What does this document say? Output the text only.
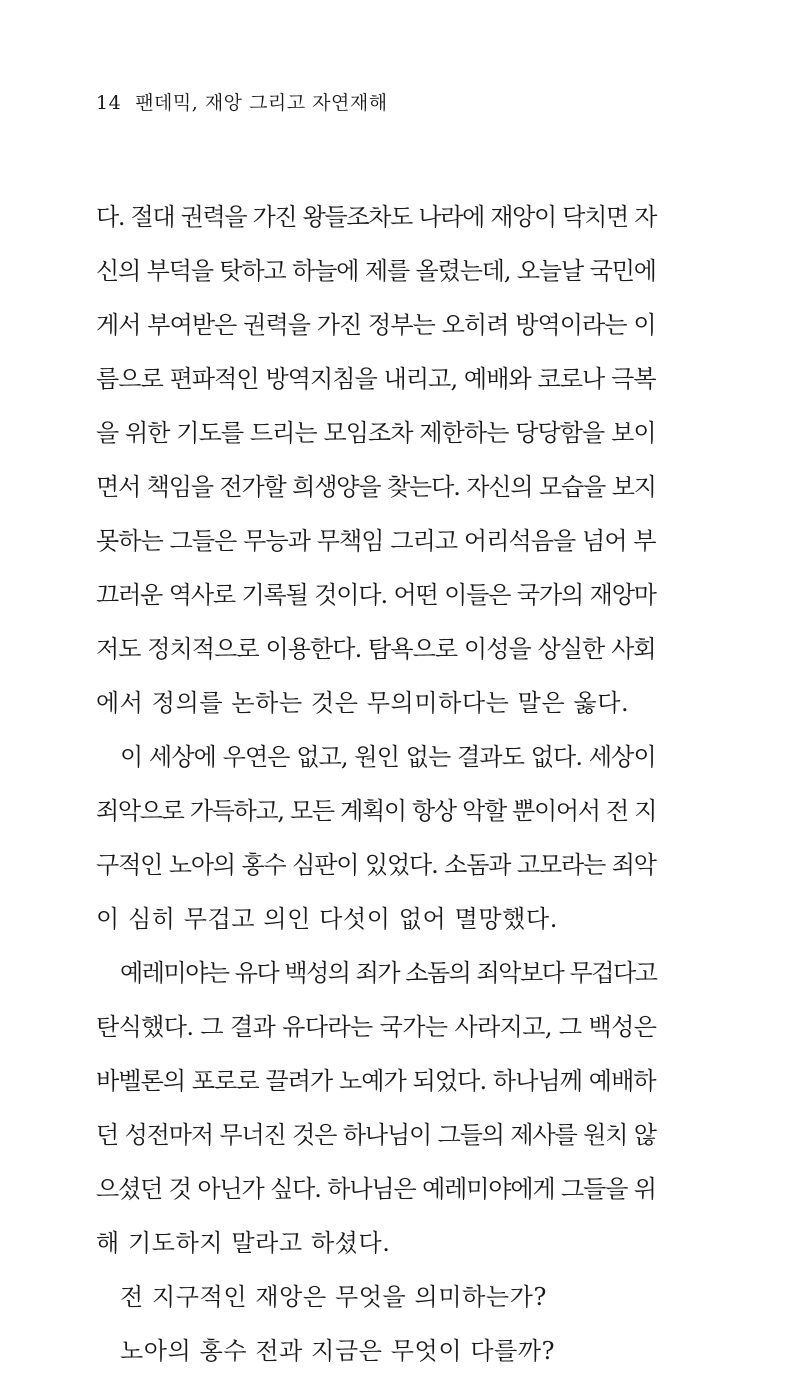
14 팬데믹, 재앙 그리고 자연재해
다. 절대 권력을 가진 왕들조차도 나라에 재앙이 닥치면 자
신의 부덕을 탓하고 하늘에 제를 올렸는데, 오늘날 국민에
게서 부여받은 권력을 가진 정부는 오히려 방역이라는 이
름으로 편파적인 방역지침을 내리고, 예배와 코로나 극복
을 위한 기도를 드리는 모임조차 제한하는 당당함을 보이
면서 책임을 전가할 희생양을 찾는다. 자신의 모습을 보지
못하는 그들은 무능과 무책임 그리고 어리석음을 넘어 부
끄러운 역사로 기록될 것이다. 어떤 이들은 국가의 재앙마
저도 정치적으로 이용한다. 탐욕으로 이성을 상실한 사회
에서 정의를 논하는 것은 무의미하다는 말은 옳다.
이 세상에 우연은 없고, 원인 없는 결과도 없다. 세상이
죄악으로 가득하고, 모든 계획이 항상 악할 뿐이어서 전 지
구적인 노아의 홍수 심판이 있었다. 소돔과 고모라는 죄악
이 심히 무겁고 의인 다섯이 없어 멸망했다.
예레미야는 유다 백성의 죄가 소돔의 죄악보다 무겁다고
탄식했다. 그 결과 유다라는 국가는 사라지고, 그 백성은
바벨론의 포로로 끌려가 노예가 되었다. 하나님께 예배하
던 성전마저 무너진 것은 하나님이 그들의 제사를 원치 않
으셨던 것 아닌가 싶다. 하나님은 예레미야에게 그들을 위
해 기도하지 말라고 하셨다.
전 지구적인 재앙은 무엇을 의미하는가?
노아의 홍수 전과 지금은 무엇이 다를까?
